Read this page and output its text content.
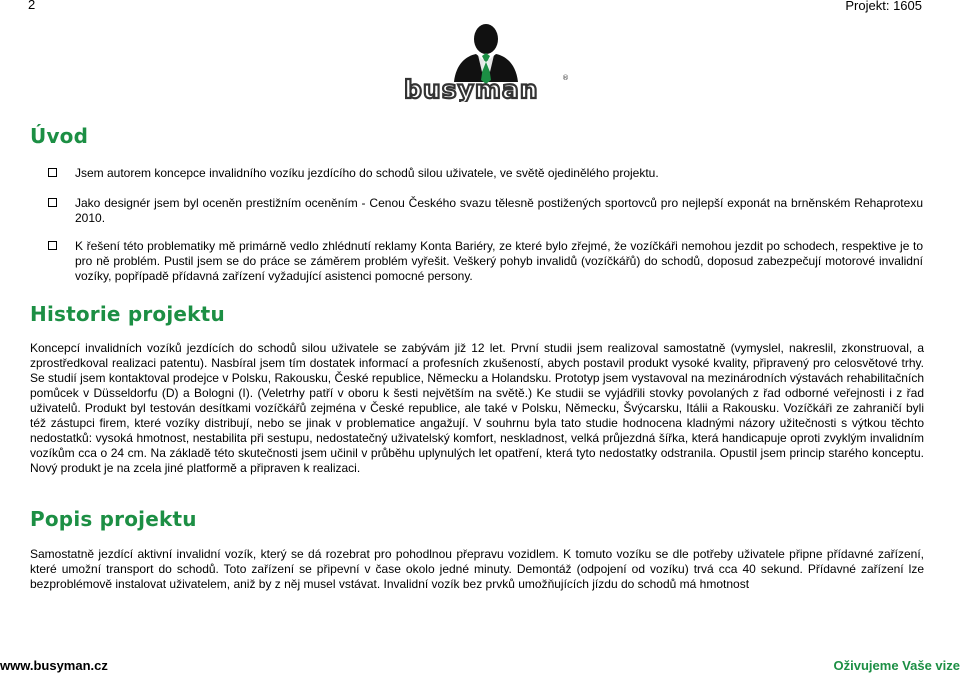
2	Projekt: 1605
busyman	®
Úvod
Jsem autorem koncepce invalidního vozíku jezdícího do schodů silou uživatele, ve světě ojedinělého projektu.
Jako designér jsem byl oceněn prestižním oceněním - Cenou Českého svazu tělesně postižených sportovců pro nejlepší exponát na brněnském Rehaprotexu 2010.
K řešení této problematiky mě primárně vedlo zhlédnutí reklamy Konta Bariéry, ze které bylo zřejmé, že vozíčkáři nemohou jezdit po schodech, respektive je to pro ně problém. Pustil jsem se do práce se záměrem problém vyřešit. Veškerý pohyb invalidů (vozíčkářů) do schodů, doposud zabezpečují motorové invalidní vozíky, popřípadě přídavná zařízení vyžadující asistenci pomocné persony.
Historie projektu
Koncepcí invalidních vozíků jezdících do schodů silou uživatele se zabývám již 12 let. První studii jsem realizoval samostatně (vymyslel, nakreslil, zkonstruoval, a zprostředkoval realizaci patentu). Nasbíral jsem tím dostatek informací a profesních zkušeností, abych postavil produkt vysoké kvality, připravený pro celosvětové trhy. Se studií jsem kontaktoval prodejce v Polsku, Rakousku, České republice, Německu a Holandsku. Prototyp jsem vystavoval na mezinárodních výstavách rehabilitačních pomůcek v Düsseldorfu (D) a Bologni (I). (Veletrhy patří v oboru k šesti největším na světě.) Ke studii se vyjádřili stovky povolaných z řad odborné veřejnosti i z řad uživatelů. Produkt byl testován desítkami vozíčkářů zejména v České republice, ale také v Polsku, Německu, Švýcarsku, Itálii a Rakousku. Vozíčkáři ze zahraničí byli též zástupci firem, které vozíky distribují, nebo se jinak v problematice angažují. V souhrnu byla tato studie hodnocena kladnými názory užitečnosti s výtkou těchto nedostatků: vysoká hmotnost, nestabilita při sestupu, nedostatečný uživatelský komfort, neskladnost, velká průjezdná šířka, která handicapuje oproti zvyklým invalidním vozíkům cca o 24 cm. Na základě této skutečnosti jsem učinil v průběhu uplynulých let opatření, která tyto nedostatky odstranila. Opustil jsem princip starého konceptu. Nový produkt je na zcela jiné platformě a připraven k realizaci.
Popis projektu
Samostatně jezdící aktivní invalidní vozík, který se dá rozebrat pro pohodlnou přepravu vozidlem. K tomuto vozíku se dle potřeby uživatele připne přídavné zařízení, které umožní transport do schodů. Toto zařízení se připevní v čase okolo jedné minuty. Demontáž (odpojení od vozíku) trvá cca 40 sekund. Přídavné zařízení lze bezproblémově instalovat uživatelem, aniž by z něj musel vstávat. Invalidní vozík bez prvků umožňujících jízdu do schodů má hmotnost
www.busyman.cz	Oživujeme Vaše vize
